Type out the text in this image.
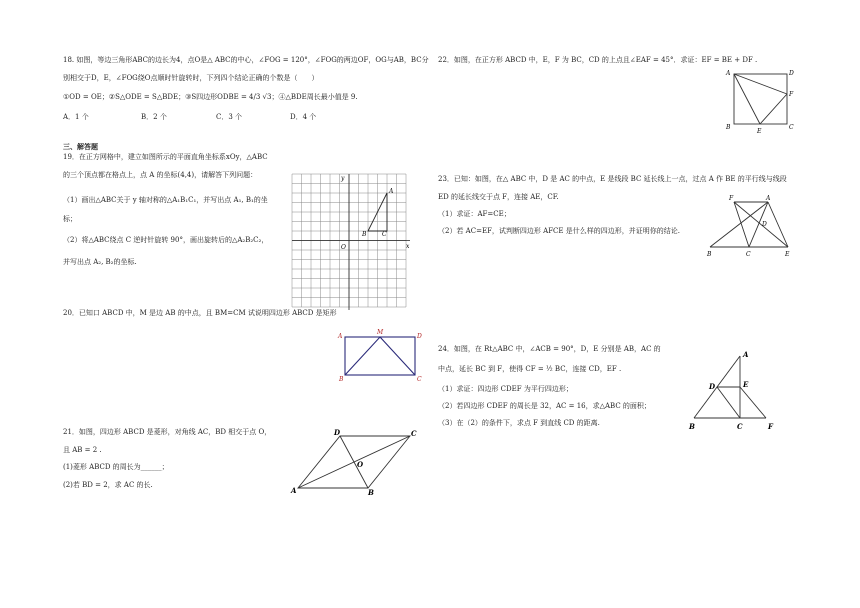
18. 如图，等边三角形ABC的边长为4，点O是△ ABC的中心，∠FOG = 120°，∠FOG的两边OF，OG与AB，BC分
别相交于D，E，∠FOG绕O点顺时针旋转时，下列四个结论正确的个数是（　　）
①OD = OE；②S△ODE = S△BDE；③S四边形ODBE = 4/3 √3；④△BDE周长最小值是 9.
A．1 个	B．2 个	C．3 个	D．4 个
三、解答题
19．在正方网格中，建立如图所示的平面直角坐标系xOy，△ABC
的三个顶点都在格点上，点 A 的坐标(4,4)，请解答下列问题：
（1）画出△ABC关于 y 轴对称的△A₁B₁C₁，并写出点 A₁, B₁的坐
标；
（2）将△ABC绕点 C 逆时针旋转 90°，画出旋转后的△A₂B₂C₂，
并写出点 A₂, B₂的坐标.
y
x
O
A
B	C
20．已知口 ABCD 中，M 是边 AB 的中点，且 BM=CM 试说明四边形 ABCD 是矩形
A
M
D
B	C
21．如图，四边形 ABCD 是菱形，对角线 AC，BD 相交于点 O，
且 AB = 2 .
(1)菱形 ABCD 的周长为______；
(2)若 BD = 2，求 AC 的长.
D	C
O
A	B
22．如图，在正方形 ABCD 中，E，F 为 BC，CD 的上点且∠EAF = 45°．求证：EF = BE + DF .
A	D
F
B
E
C
23．已知：如图，在△ ABC 中，D 是 AC 的中点，E 是线段 BC 延长线上一点，过点 A 作 BE 的平行线与线段
ED 的延长线交于点 F，连接 AE，CF.
（1）求证：AF=CE；
（2）若 AC=EF，试判断四边形 AFCE 是什么样的四边形，并证明你的结论.
F	A
D
B	C	E
24．如图，在 Rt△ABC 中，∠ACB = 90°，D，E 分别是 AB，AC 的
中点，延长 BC 到 F，使得 CF = ½ BC，连接 CD，EF .
（1）求证：四边形 CDEF 为平行四边形；
（2）若四边形 CDEF 的周长是 32，AC = 16，求△ABC 的面积；
（3）在（2）的条件下，求点 F 到直线 CD 的距离.
A
D	E
B	C	F
